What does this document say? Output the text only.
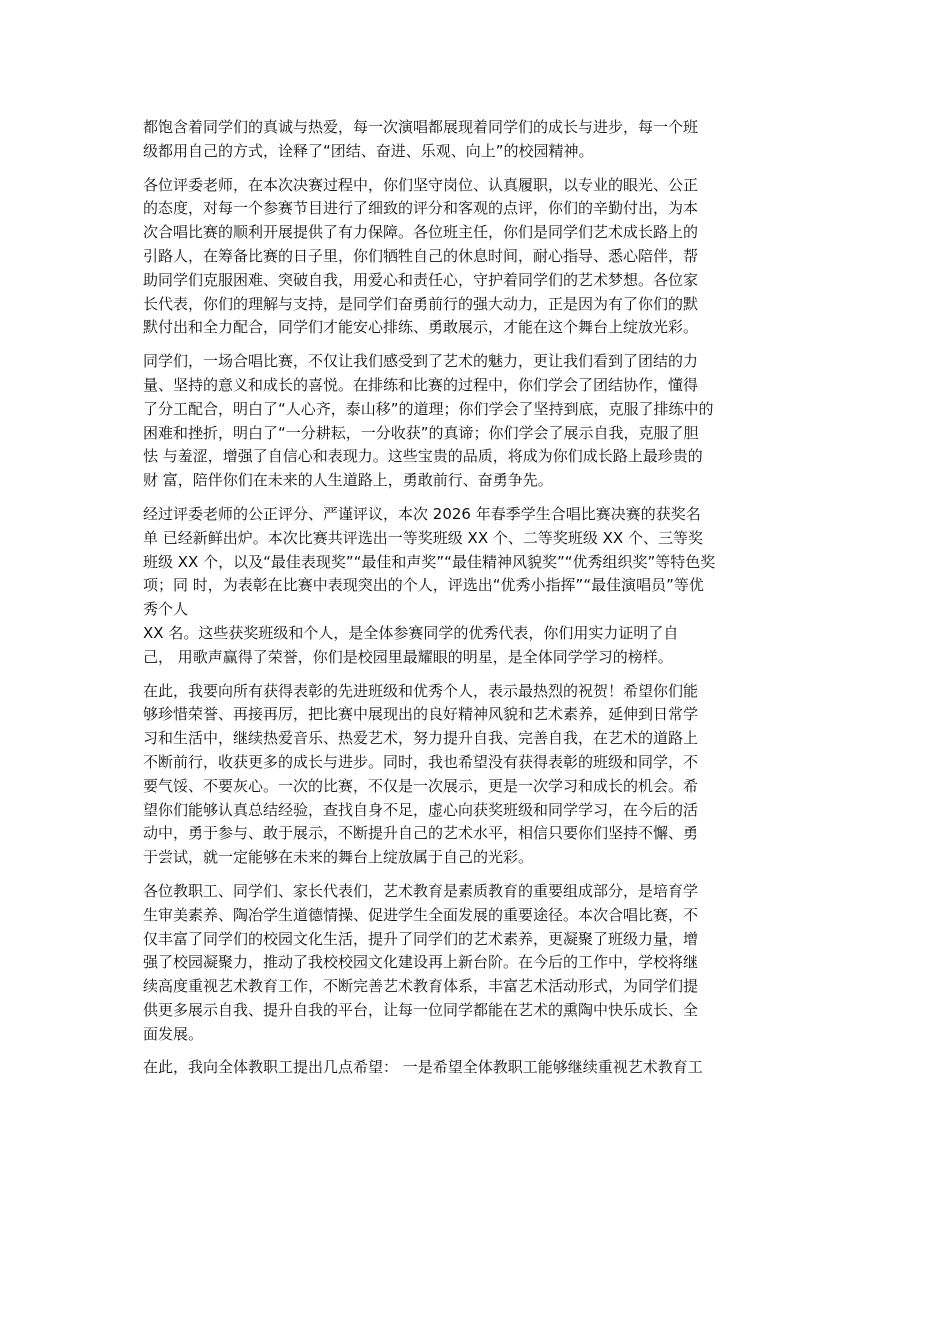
都饱含着同学们的真诚与热爱，每一次演唱都展现着同学们的成长与进步，每一个班
级都用自己的方式，诠释了“团结、奋进、乐观、向上”的校园精神。
各位评委老师，在本次决赛过程中，你们坚守岗位、认真履职，以专业的眼光、公正
的态度，对每一个参赛节目进行了细致的评分和客观的点评，你们的辛勤付出，为本
次合唱比赛的顺利开展提供了有力保障。各位班主任，你们是同学们艺术成长路上的
引路人，在筹备比赛的日子里，你们牺牲自己的休息时间，耐心指导、悉心陪伴，帮
助同学们克服困难、突破自我，用爱心和责任心，守护着同学们的艺术梦想。各位家
长代表，你们的理解与支持，是同学们奋勇前行的强大动力，正是因为有了你们的默
默付出和全力配合，同学们才能安心排练、勇敢展示，才能在这个舞台上绽放光彩。
同学们，一场合唱比赛，不仅让我们感受到了艺术的魅力，更让我们看到了团结的力
量、坚持的意义和成长的喜悦。在排练和比赛的过程中，你们学会了团结协作，懂得
了分工配合，明白了“人心齐，泰山移”的道理；你们学会了坚持到底，克服了排练中的
困难和挫折，明白了“一分耕耘，一分收获”的真谛；你们学会了展示自我，克服了胆
怯 与羞涩，增强了自信心和表现力。这些宝贵的品质，将成为你们成长路上最珍贵的
财 富，陪伴你们在未来的人生道路上，勇敢前行、奋勇争先。
经过评委老师的公正评分、严谨评议，本次 2026 年春季学生合唱比赛决赛的获奖名
单 已经新鲜出炉。本次比赛共评选出一等奖班级 XX 个、二等奖班级 XX 个、三等奖
班级 XX 个，以及“最佳表现奖”“最佳和声奖”“最佳精神风貌奖”“优秀组织奖”等特色奖
项；同 时，为表彰在比赛中表现突出的个人，评选出“优秀小指挥”“最佳演唱员”等优
秀个人
XX 名。这些获奖班级和个人，是全体参赛同学的优秀代表，你们用实力证明了自
己， 用歌声赢得了荣誉，你们是校园里最耀眼的明星，是全体同学学习的榜样。
在此，我要向所有获得表彰的先进班级和优秀个人，表示最热烈的祝贺！希望你们能
够珍惜荣誉、再接再厉，把比赛中展现出的良好精神风貌和艺术素养，延伸到日常学
习和生活中，继续热爱音乐、热爱艺术，努力提升自我、完善自我，在艺术的道路上
不断前行，收获更多的成长与进步。同时，我也希望没有获得表彰的班级和同学，不
要气馁、不要灰心。一次的比赛，不仅是一次展示，更是一次学习和成长的机会。希
望你们能够认真总结经验，查找自身不足，虚心向获奖班级和同学学习，在今后的活
动中，勇于参与、敢于展示，不断提升自己的艺术水平，相信只要你们坚持不懈、勇
于尝试，就一定能够在未来的舞台上绽放属于自己的光彩。
各位教职工、同学们、家长代表们，艺术教育是素质教育的重要组成部分，是培育学
生审美素养、陶冶学生道德情操、促进学生全面发展的重要途径。本次合唱比赛，不
仅丰富了同学们的校园文化生活，提升了同学们的艺术素养，更凝聚了班级力量，增
强了校园凝聚力，推动了我校校园文化建设再上新台阶。在今后的工作中，学校将继
续高度重视艺术教育工作，不断完善艺术教育体系，丰富艺术活动形式，为同学们提
供更多展示自我、提升自我的平台，让每一位同学都能在艺术的熏陶中快乐成长、全
面发展。
在此，我向全体教职工提出几点希望： 一是希望全体教职工能够继续重视艺术教育工
